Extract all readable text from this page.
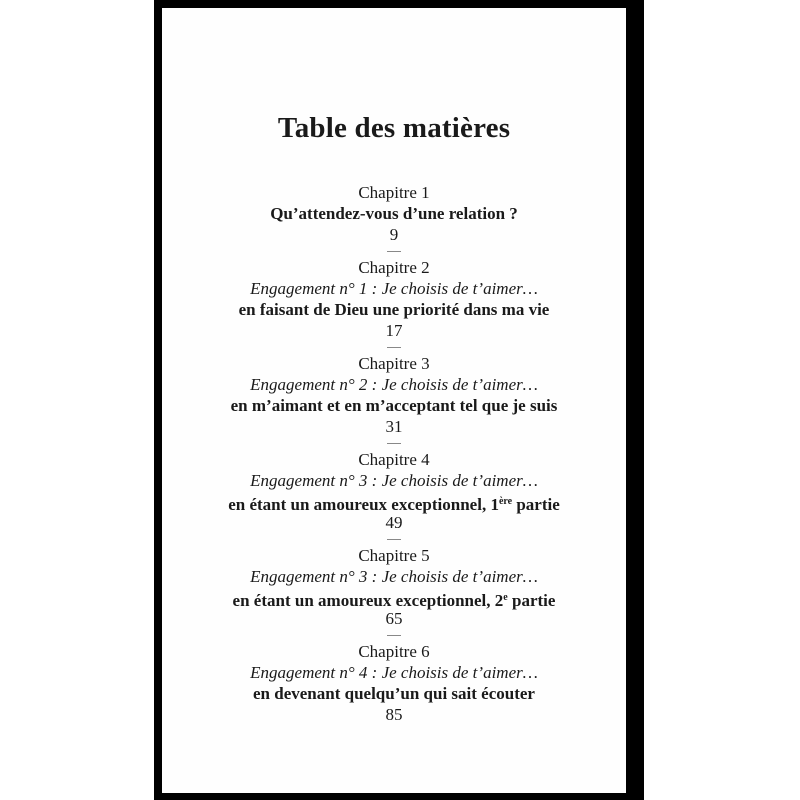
Table des matières
Chapitre 1
Qu’attendez-vous d’une relation ?
9
Chapitre 2
Engagement n° 1 : Je choisis de t’aimer…
en faisant de Dieu une priorité dans ma vie
17
Chapitre 3
Engagement n° 2 : Je choisis de t’aimer…
en m’aimant et en m’acceptant tel que je suis
31
Chapitre 4
Engagement n° 3 : Je choisis de t’aimer…
en étant un amoureux exceptionnel, 1ère partie
49
Chapitre 5
Engagement n° 3 : Je choisis de t’aimer…
en étant un amoureux exceptionnel, 2e partie
65
Chapitre 6
Engagement n° 4 : Je choisis de t’aimer…
en devenant quelqu’un qui sait écouter
85
